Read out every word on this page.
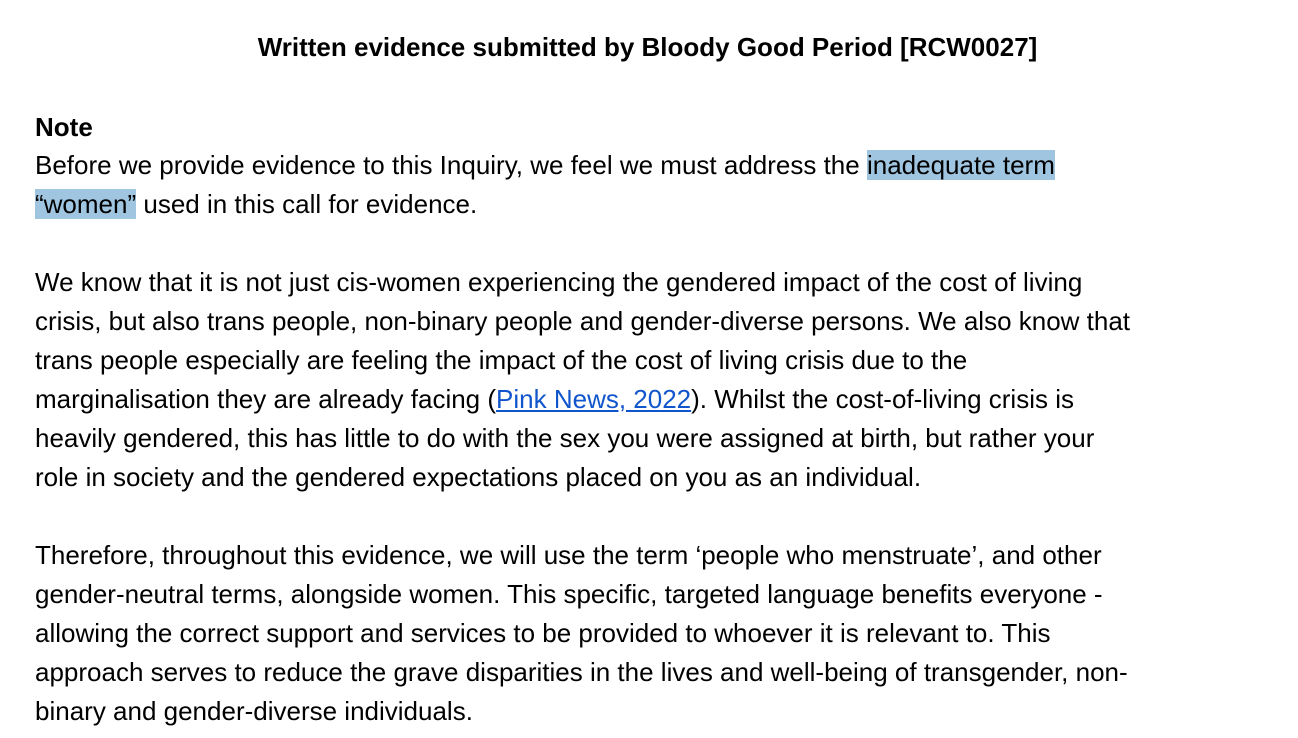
Written evidence submitted by Bloody Good Period [RCW0027]
Note

Before we provide evidence to this Inquiry, we feel we must address the inadequate term

“women” used in this call for evidence.

We know that it is not just cis-women experiencing the gendered impact of the cost of living

crisis, but also trans people, non-binary people and gender-diverse persons. We also know that

trans people especially are feeling the impact of the cost of living crisis due to the

marginalisation they are already facing (Pink News, 2022). Whilst the cost-of-living crisis is

heavily gendered, this has little to do with the sex you were assigned at birth, but rather your

role in society and the gendered expectations placed on you as an individual.

Therefore, throughout this evidence, we will use the term ‘people who menstruate’, and other

gender-neutral terms, alongside women. This specific, targeted language benefits everyone -

allowing the correct support and services to be provided to whoever it is relevant to. This

approach serves to reduce the grave disparities in the lives and well-being of transgender, non-

binary and gender-diverse individuals.
